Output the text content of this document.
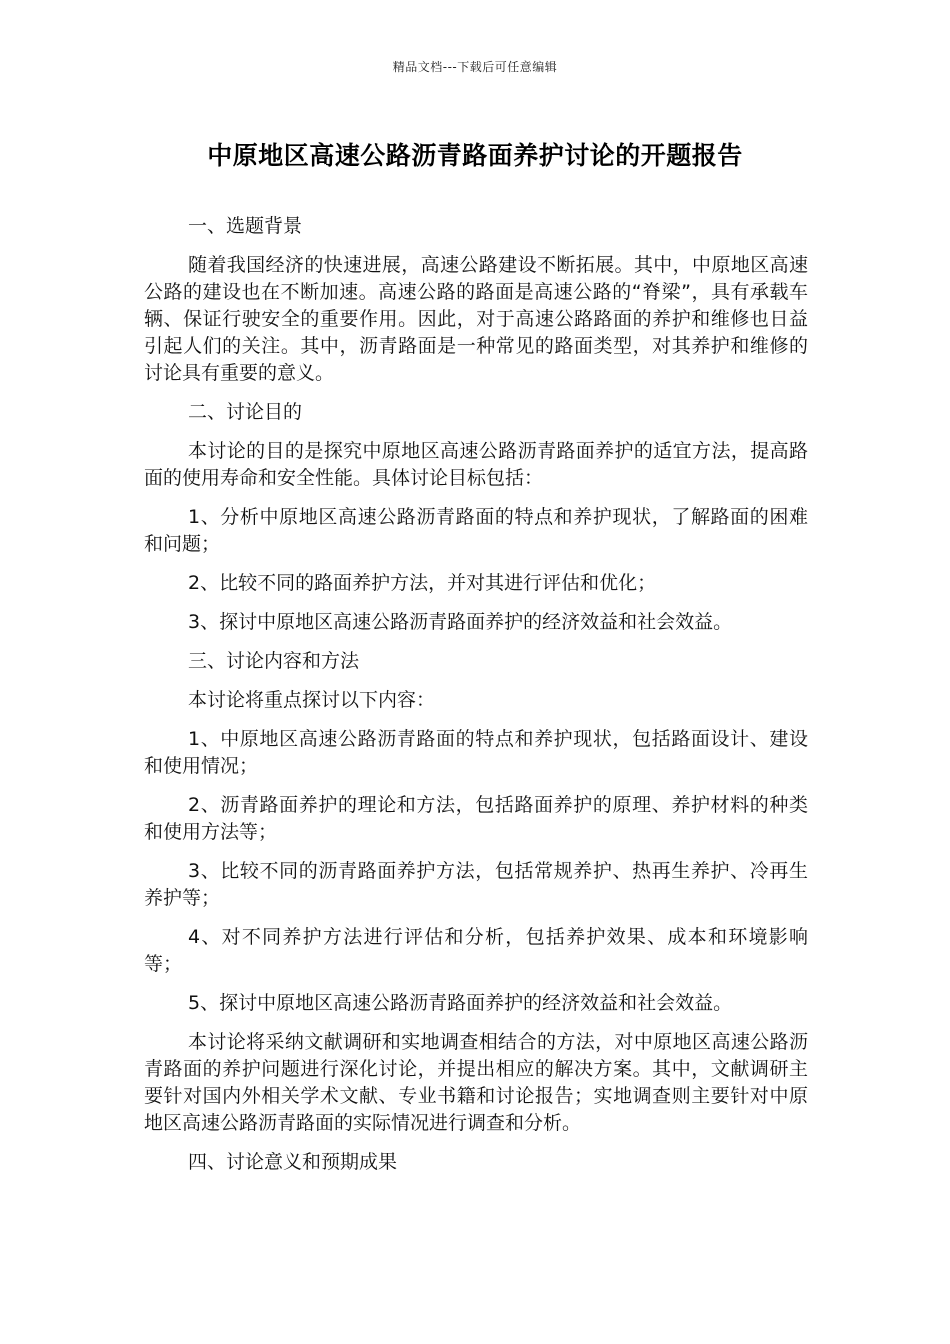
精品文档---下载后可任意编辑
中原地区高速公路沥青路面养护讨论的开题报告

一、选题背景

随着我国经济的快速进展，高速公路建设不断拓展。其中，中原地区高速公路的建设也在不断加速。高速公路的路面是高速公路的“脊梁”，具有承载车辆、保证行驶安全的重要作用。因此，对于高速公路路面的养护和维修也日益引起人们的关注。其中，沥青路面是一种常见的路面类型，对其养护和维修的讨论具有重要的意义。

二、讨论目的

本讨论的目的是探究中原地区高速公路沥青路面养护的适宜方法，提高路面的使用寿命和安全性能。具体讨论目标包括：

1、分析中原地区高速公路沥青路面的特点和养护现状，了解路面的困难和问题；

2、比较不同的路面养护方法，并对其进行评估和优化；

3、探讨中原地区高速公路沥青路面养护的经济效益和社会效益。

三、讨论内容和方法

本讨论将重点探讨以下内容：

1、中原地区高速公路沥青路面的特点和养护现状，包括路面设计、建设和使用情况；

2、沥青路面养护的理论和方法，包括路面养护的原理、养护材料的种类和使用方法等；

3、比较不同的沥青路面养护方法，包括常规养护、热再生养护、冷再生养护等；

4、对不同养护方法进行评估和分析，包括养护效果、成本和环境影响等；

5、探讨中原地区高速公路沥青路面养护的经济效益和社会效益。

本讨论将采纳文献调研和实地调查相结合的方法，对中原地区高速公路沥青路面的养护问题进行深化讨论，并提出相应的解决方案。其中，文献调研主要针对国内外相关学术文献、专业书籍和讨论报告；实地调查则主要针对中原地区高速公路沥青路面的实际情况进行调查和分析。

四、讨论意义和预期成果
